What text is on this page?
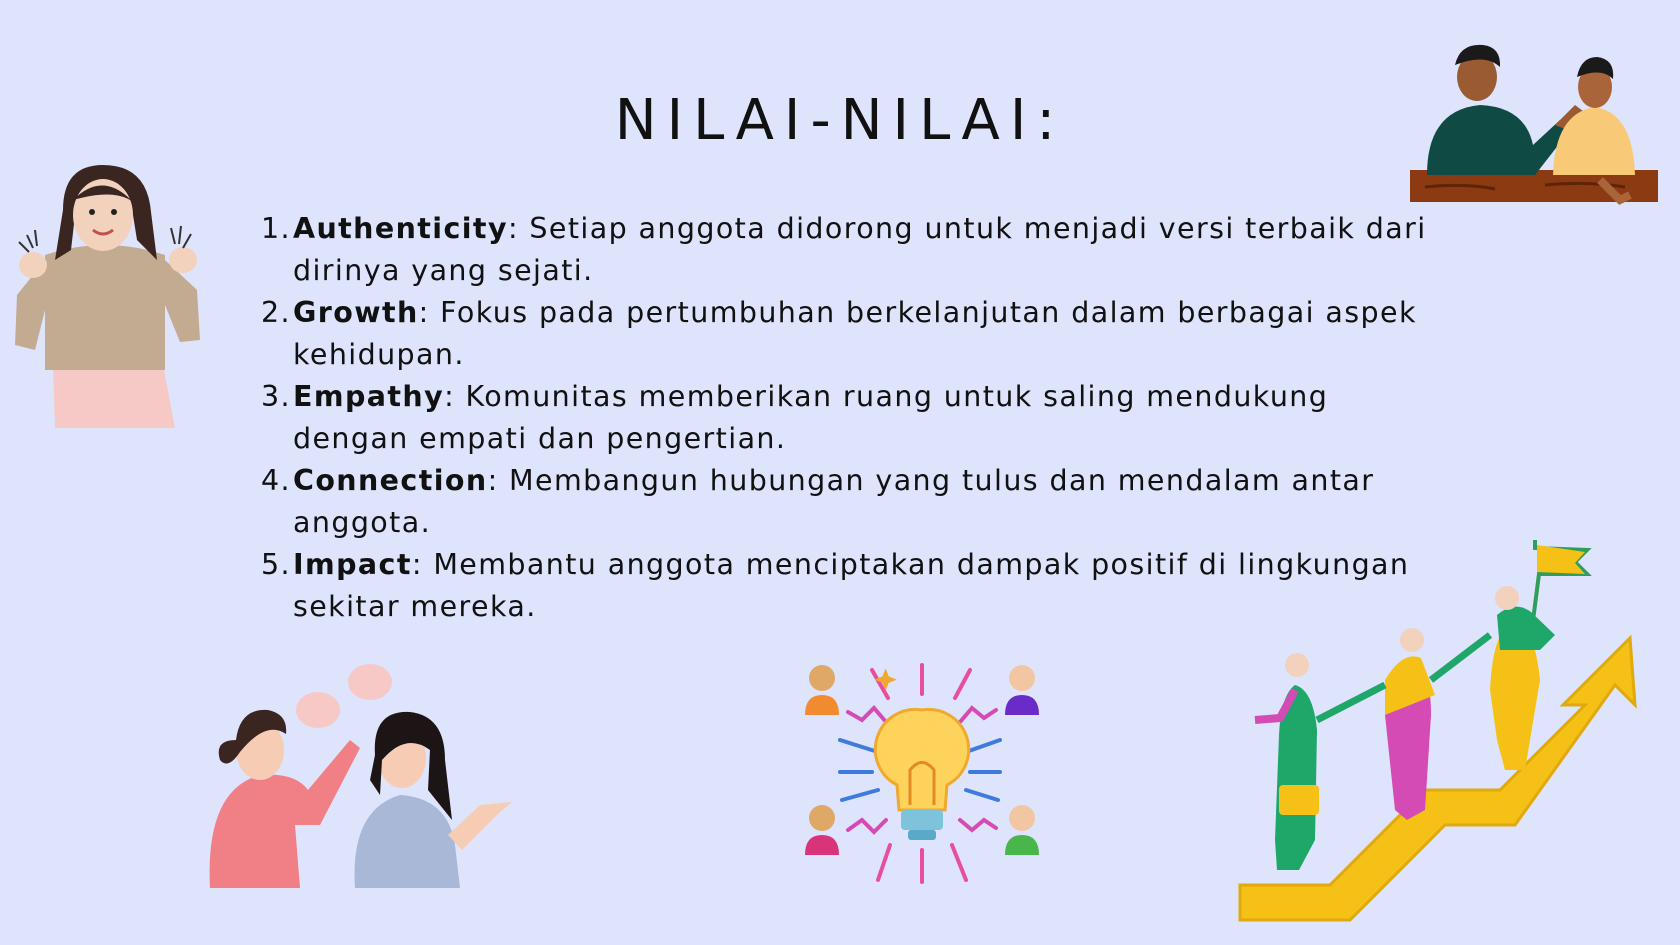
NILAI-NILAI:
1. Authenticity: Setiap anggota didorong untuk menjadi versi terbaik dari dirinya yang sejati.
2. Growth: Fokus pada pertumbuhan berkelanjutan dalam berbagai aspek kehidupan.
3. Empathy: Komunitas memberikan ruang untuk saling mendukung dengan empati dan pengertian.
4. Connection: Membangun hubungan yang tulus dan mendalam antar anggota.
5. Impact: Membantu anggota menciptakan dampak positif di lingkungan sekitar mereka.
